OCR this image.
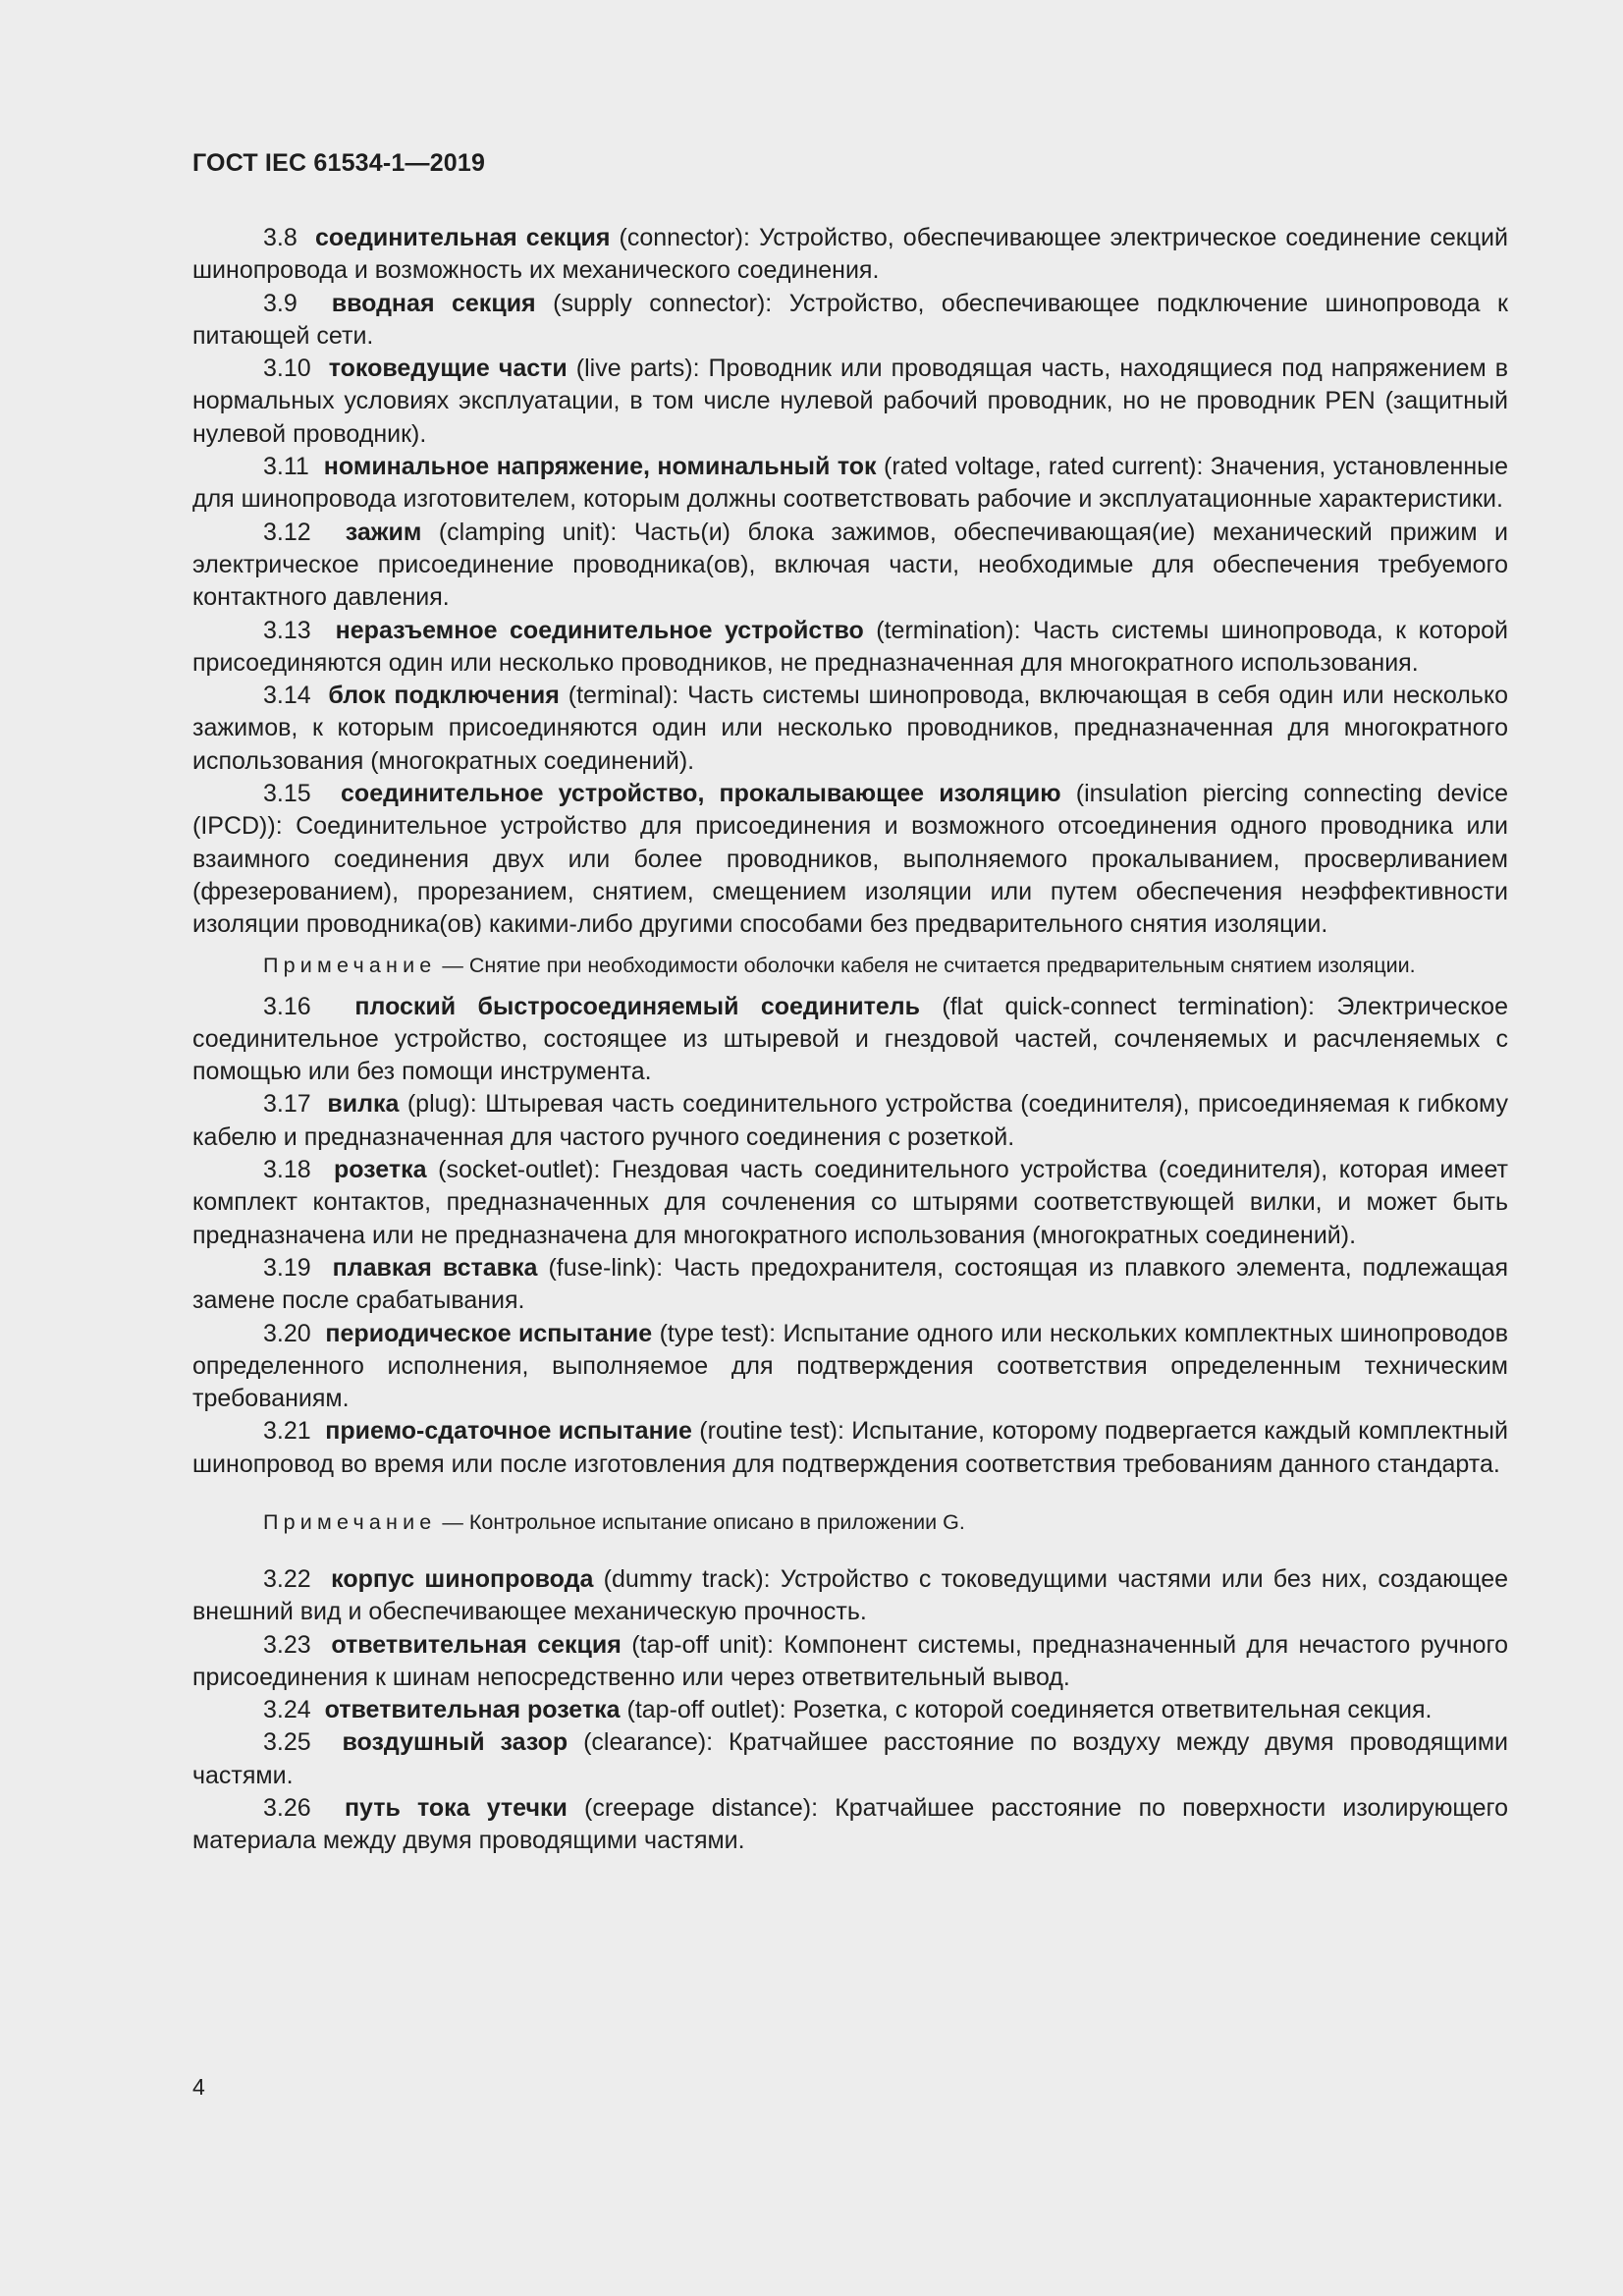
ГОСТ IEC 61534-1—2019

3.8 соединительная секция (connector): Устройство, обеспечивающее электрическое соединение секций шинопровода и возможность их механического соединения.

3.9 вводная секция (supply connector): Устройство, обеспечивающее подключение шинопровода к питающей сети.

3.10 токоведущие части (live parts): Проводник или проводящая часть, находящиеся под напряжением в нормальных условиях эксплуатации, в том числе нулевой рабочий проводник, но не проводник PEN (защитный нулевой проводник).

3.11 номинальное напряжение, номинальный ток (rated voltage, rated current): Значения, установленные для шинопровода изготовителем, которым должны соответствовать рабочие и эксплуатационные характеристики.

3.12 зажим (clamping unit): Часть(и) блока зажимов, обеспечивающая(ие) механический прижим и электрическое присоединение проводника(ов), включая части, необходимые для обеспечения требуемого контактного давления.

3.13 неразъемное соединительное устройство (termination): Часть системы шинопровода, к которой присоединяются один или несколько проводников, не предназначенная для многократного использования.

3.14 блок подключения (terminal): Часть системы шинопровода, включающая в себя один или несколько зажимов, к которым присоединяются один или несколько проводников, предназначенная для многократного использования (многократных соединений).

3.15 соединительное устройство, прокалывающее изоляцию (insulation piercing connecting device (IPCD)): Соединительное устройство для присоединения и возможного отсоединения одного проводника или взаимного соединения двух или более проводников, выполняемого прокалыванием, просверливанием (фрезерованием), прорезанием, снятием, смещением изоляции или путем обеспечения неэффективности изоляции проводника(ов) какими-либо другими способами без предварительного снятия изоляции.

Примечание — Снятие при необходимости оболочки кабеля не считается предварительным снятием изоляции.

3.16 плоский быстросоединяемый соединитель (flat quick-connect termination): Электрическое соединительное устройство, состоящее из штыревой и гнездовой частей, сочленяемых и расчленяемых с помощью или без помощи инструмента.

3.17 вилка (plug): Штыревая часть соединительного устройства (соединителя), присоединяемая к гибкому кабелю и предназначенная для частого ручного соединения с розеткой.

3.18 розетка (socket-outlet): Гнездовая часть соединительного устройства (соединителя), которая имеет комплект контактов, предназначенных для сочленения со штырями соответствующей вилки, и может быть предназначена или не предназначена для многократного использования (многократных соединений).

3.19 плавкая вставка (fuse-link): Часть предохранителя, состоящая из плавкого элемента, подлежащая замене после срабатывания.

3.20 периодическое испытание (type test): Испытание одного или нескольких комплектных шинопроводов определенного исполнения, выполняемое для подтверждения соответствия определенным техническим требованиям.

3.21 приемо-сдаточное испытание (routine test): Испытание, которому подвергается каждый комплектный шинопровод во время или после изготовления для подтверждения соответствия требованиям данного стандарта.

Примечание — Контрольное испытание описано в приложении G.

3.22 корпус шинопровода (dummy track): Устройство с токоведущими частями или без них, создающее внешний вид и обеспечивающее механическую прочность.

3.23 ответвительная секция (tap-off unit): Компонент системы, предназначенный для нечастого ручного присоединения к шинам непосредственно или через ответвительный вывод.

3.24 ответвительная розетка (tap-off outlet): Розетка, с которой соединяется ответвительная секция.

3.25 воздушный зазор (clearance): Кратчайшее расстояние по воздуху между двумя проводящими частями.

3.26 путь тока утечки (creepage distance): Кратчайшее расстояние по поверхности изолирующего материала между двумя проводящими частями.

4
